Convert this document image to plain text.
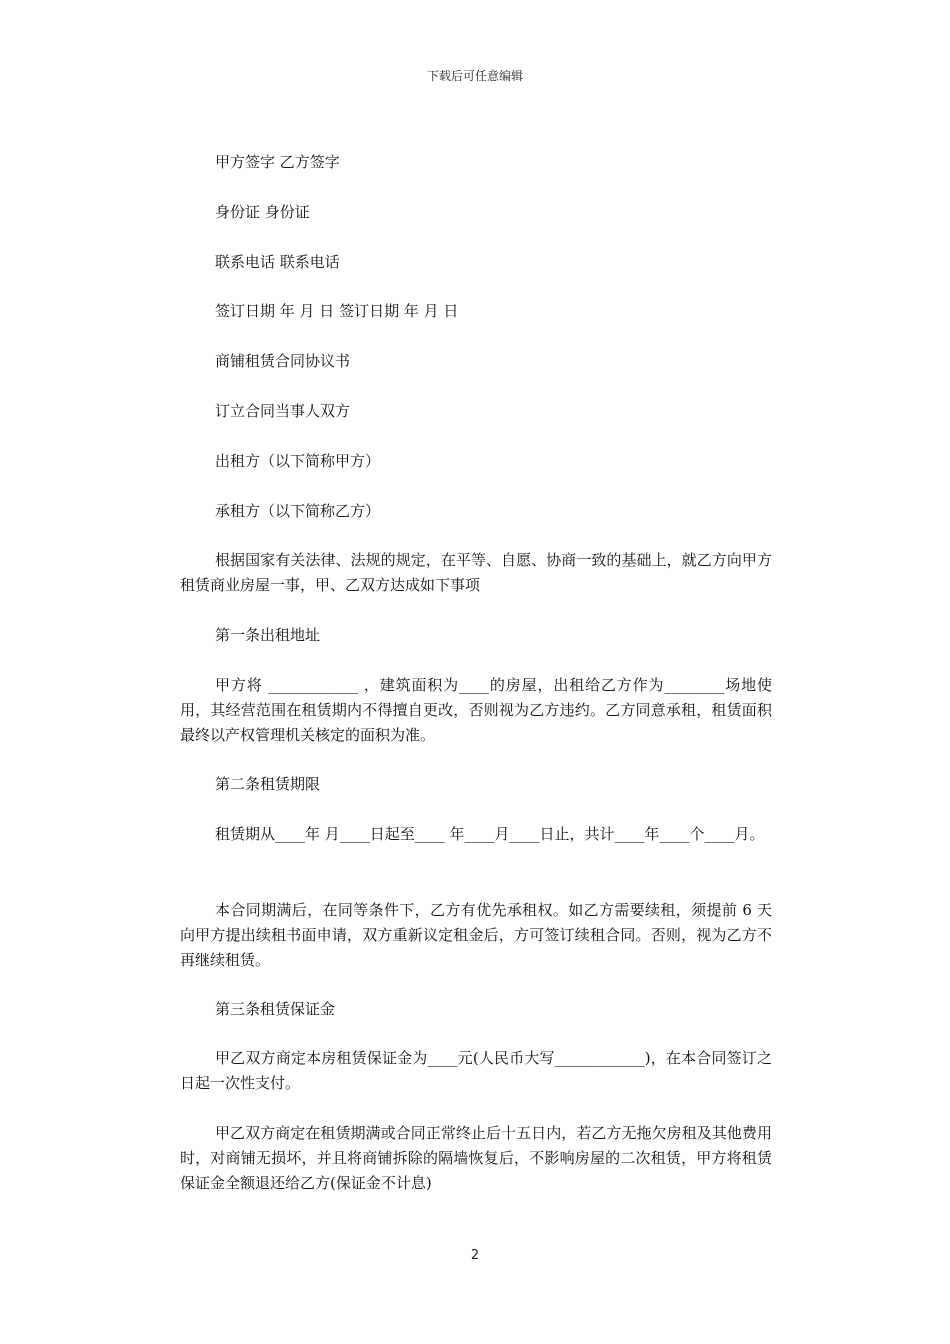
下载后可任意编辑
甲方签字 乙方签字
身份证 身份证
联系电话 联系电话
签订日期 年 月 日 签订日期 年 月 日
商铺租赁合同协议书
订立合同当事人双方
出租方（以下简称甲方）
承租方（以下简称乙方）
根据国家有关法律、法规的规定，在平等、自愿、协商一致的基础上，就乙方向甲方租赁商业房屋一事，甲、乙双方达成如下事项
第一条出租地址
甲方将 ____________ ，建筑面积为____的房屋，出租给乙方作为________场地使用，其经营范围在租赁期内不得擅自更改，否则视为乙方违约。乙方同意承租，租赁面积最终以产权管理机关核定的面积为准。
第二条租赁期限
租赁期从____年 月____日起至____ 年____月____日止，共计____年____个____月。
本合同期满后，在同等条件下，乙方有优先承租权。如乙方需要续租，须提前 6 天向甲方提出续租书面申请，双方重新议定租金后，方可签订续租合同。否则，视为乙方不再继续租赁。
第三条租赁保证金
甲乙双方商定本房租赁保证金为____元(人民币大写____________)，在本合同签订之日起一次性支付。
甲乙双方商定在租赁期满或合同正常终止后十五日内，若乙方无拖欠房租及其他费用时，对商铺无损坏，并且将商铺拆除的隔墙恢复后，不影响房屋的二次租赁，甲方将租赁保证金全额退还给乙方(保证金不计息)
2
